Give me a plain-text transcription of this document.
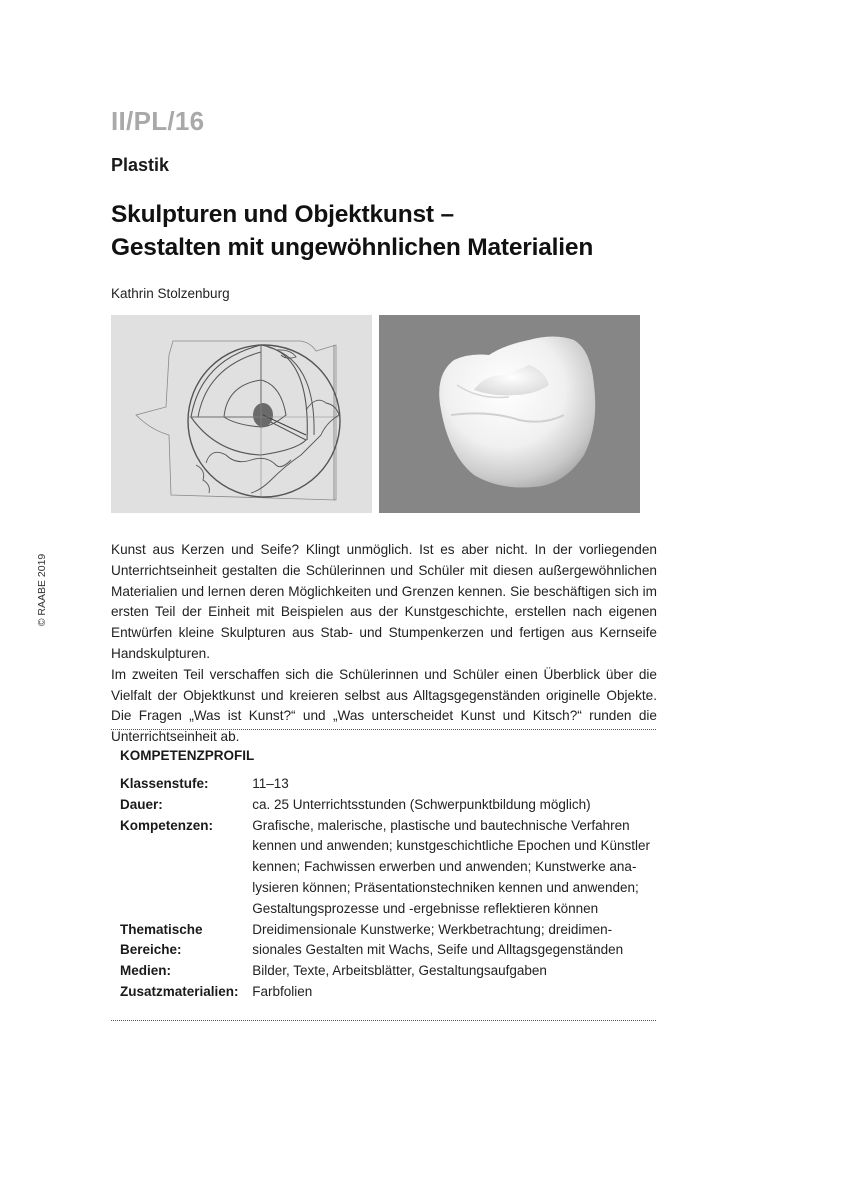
II/PL/16
Plastik
Skulpturen und Objektkunst –
Gestalten mit ungewöhnlichen Materialien
Kathrin Stolzenburg
© RAABE 2019

Kunst aus Kerzen und Seife? Klingt unmöglich. Ist es aber nicht. In der vorliegenden Unterrichtseinheit gestalten die Schülerinnen und Schüler mit diesen außergewöhnlichen Materialien und lernen deren Möglichkeiten und Grenzen kennen. Sie beschäftigen sich im ersten Teil der Einheit mit Beispielen aus der Kunstgeschichte, erstellen nach eigenen Entwürfen kleine Skulpturen aus Stab- und Stumpenkerzen und fertigen aus Kernseife Handskulpturen.

Im zweiten Teil verschaffen sich die Schülerinnen und Schüler einen Überblick über die Vielfalt der Objektkunst und kreieren selbst aus Alltagsgegenständen originelle Objekte. Die Fragen „Was ist Kunst?“ und „Was unterscheidet Kunst und Kitsch?“ runden die Unterrichtseinheit ab.

KOMPETENZPROFIL
Klassenstufe:	11–13

Dauer:	ca. 25 Unterrichtsstunden (Schwerpunktbildung möglich)

Kompetenzen:	Grafische, malerische, plastische und bautechnische Verfahren
kennen und anwenden; kunstgeschichtliche Epochen und Künstler
kennen; Fachwissen erwerben und anwenden; Kunstwerke ana-
lysieren können; Präsentationstechniken kennen und anwenden;
Gestaltungsprozesse und -ergebnisse reflektieren können

Thematische Bereiche:	Dreidimensionale Kunstwerke; Werkbetrachtung; dreidimen-
sionales Gestalten mit Wachs, Seife und Alltagsgegenständen

Medien:	Bilder, Texte, Arbeitsblätter, Gestaltungsaufgaben

Zusatzmaterialien:	Farbfolien
